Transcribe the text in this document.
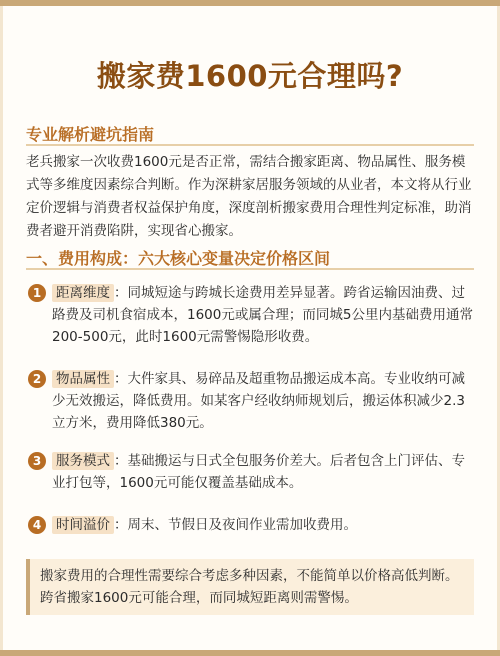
搬家费1600元合理吗?
专业解析避坑指南
老兵搬家一次收费1600元是否正常，需结合搬家距离、物品属性、服务模式等多维度因素综合判断。作为深耕家居服务领域的从业者，本文将从行业定价逻辑与消费者权益保护角度，深度剖析搬家费用合理性判定标准，助消费者避开消费陷阱，实现省心搬家。
一、费用构成：六大核心变量决定价格区间
1	距离维度 ：同城短途与跨城长途费用差异显著。跨省运输因油费、过路费及司机食宿成本，1600元或属合理；而同城5公里内基础费用通常200-500元，此时1600元需警惕隐形收费。
2	物品属性 ：大件家具、易碎品及超重物品搬运成本高。专业收纳可减少无效搬运，降低费用。如某客户经收纳师规划后，搬运体积减少2.3立方米，费用降低380元。
3	服务模式 ：基础搬运与日式全包服务价差大。后者包含上门评估、专业打包等，1600元可能仅覆盖基础成本。
4	时间溢价 ：周末、节假日及夜间作业需加收费用。
搬家费用的合理性需要综合考虑多种因素，不能简单以价格高低判断。跨省搬家1600元可能合理，而同城短距离则需警惕。
